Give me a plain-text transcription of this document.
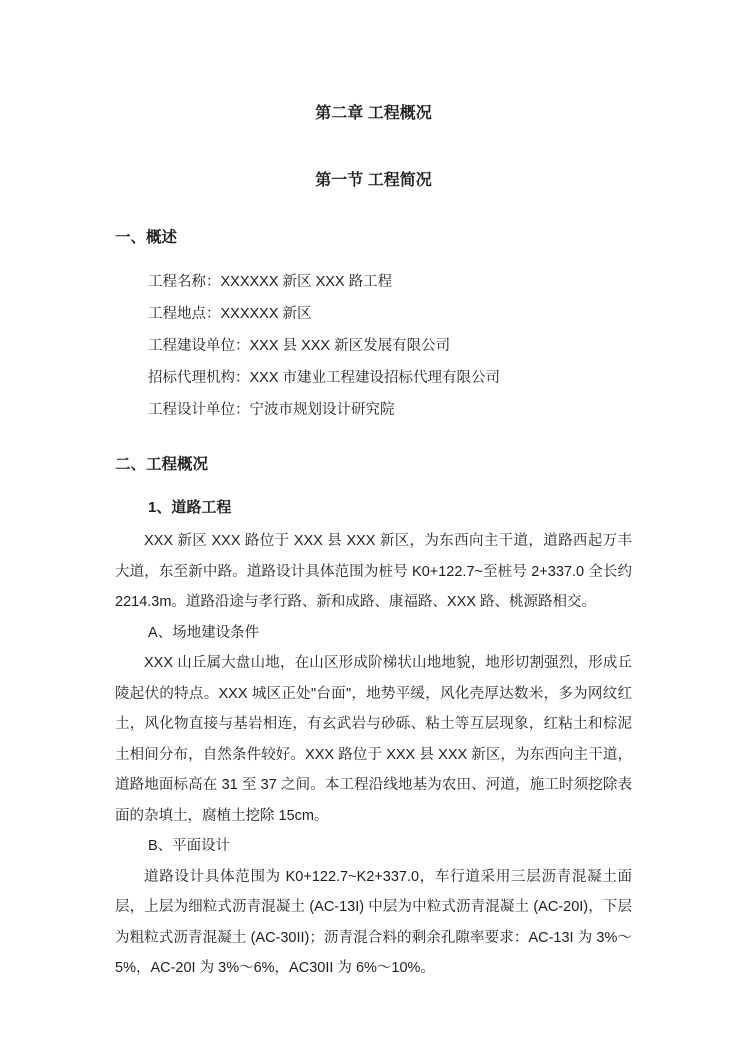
第二章 工程概况
第一节 工程简况
一、概述
工程名称：XXXXXX 新区 XXX 路工程
工程地点：XXXXXX 新区
工程建设单位：XXX 县 XXX 新区发展有限公司
招标代理机构：XXX 市建业工程建设招标代理有限公司
工程设计单位：宁波市规划设计研究院
二、工程概况
1、道路工程

XXX 新区 XXX 路位于 XXX 县 XXX 新区，为东西向主干道，道路西起万丰大道，东至新中路。道路设计具体范围为桩号 K0+122.7~至桩号 2+337.0 全长约 2214.3m。道路沿途与孝行路、新和成路、康福路、XXX 路、桃源路相交。

A、场地建设条件

XXX 山丘属大盘山地，在山区形成阶梯状山地地貌，地形切割强烈，形成丘陵起伏的特点。XXX 城区正处"台面"，地势平缓，风化壳厚达数米，多为网纹红土，风化物直接与基岩相连，有玄武岩与砂砾、粘土等互层现象，红粘土和棕泥土相间分布，自然条件较好。XXX 路位于 XXX 县 XXX 新区，为东西向主干道，道路地面标高在 31 至 37 之间。本工程沿线地基为农田、河道，施工时须挖除表面的杂填土，腐植土挖除 15cm。

B、平面设计

道路设计具体范围为 K0+122.7~K2+337.0，车行道采用三层沥青混凝土面层，上层为细粒式沥青混凝土 (AC-13I) 中层为中粒式沥青混凝土 (AC-20I)，下层为粗粒式沥青混凝土 (AC-30II)；沥青混合料的剩余孔隙率要求：AC-13I 为 3%～5%，AC-20I 为 3%～6%，AC30II 为 6%～10%。
